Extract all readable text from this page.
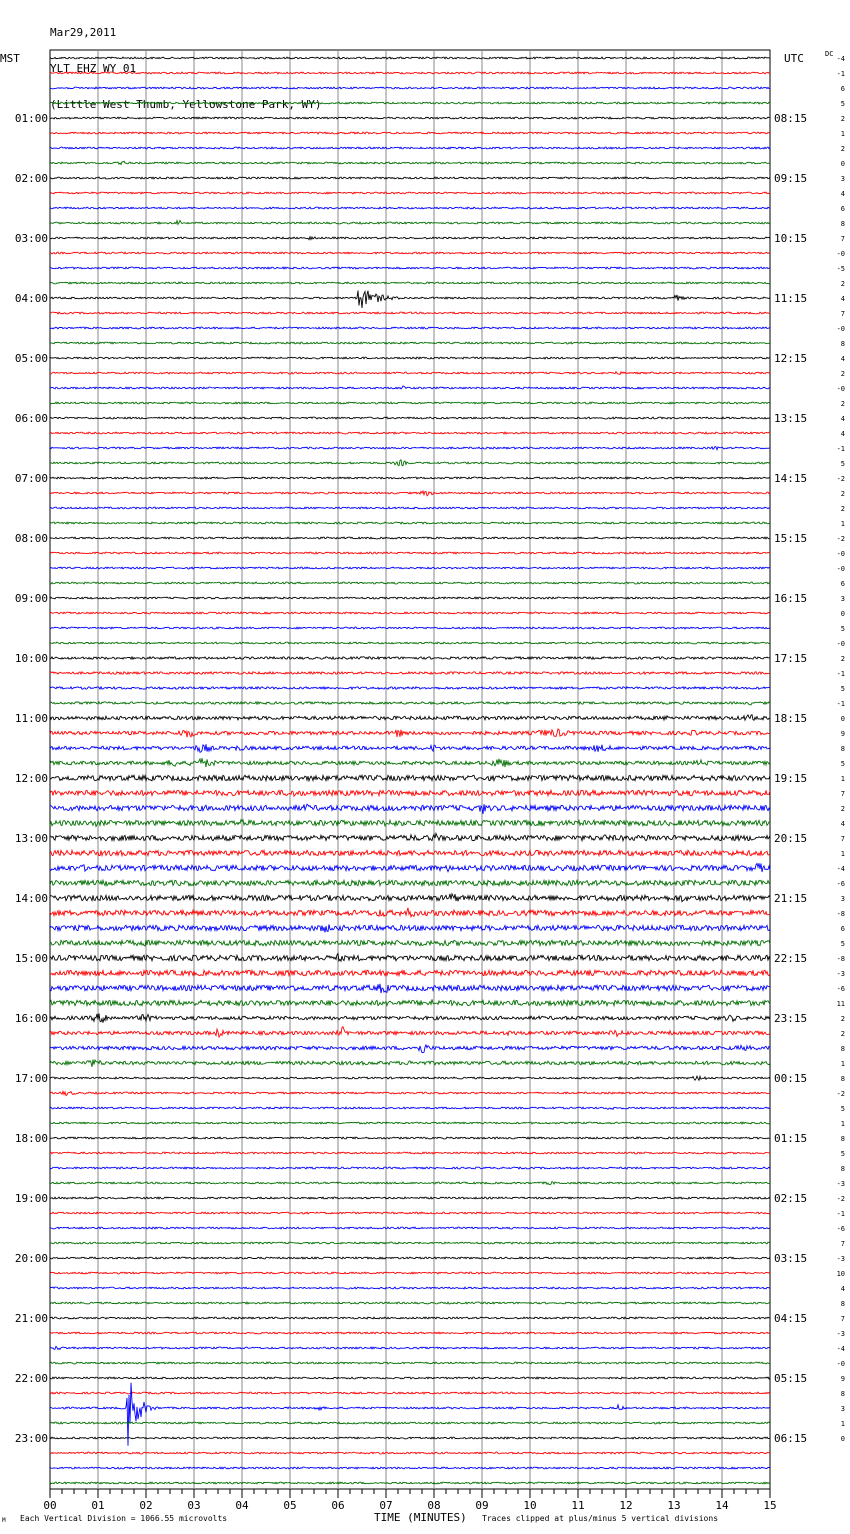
Mar29,2011

YLT EHZ WY 01

(Little West Thumb, Yellowstone Park, WY)

MST	UTC	DC
01:00
02:00
03:00
04:00
05:00
06:00
07:00
08:00
09:00
10:00
11:00
12:00
13:00
14:00
15:00
16:00
17:00
18:00
19:00
20:00
21:00
22:00
23:00
08:15
09:15
10:15
11:15
12:15
13:15
14:15
15:15
16:15
17:15
18:15
19:15
20:15
21:15
22:15
23:15
00:15
01:15
02:15
03:15
04:15
05:15
06:15
-4
-1
6
5
2
1
2
0
3
4
6
8
7
-0
-5
2
4
7
-0
8
4
2
-0
2
4
4
-1
5
-2
2
2
1
-2
-0
-0
6
3
0
5
-0
2
-1
5
-1
0
9
8
5
1
7
2
4
7
1
-4
-6
3
-8
6
5
-8
-3
-6
11
2
2
8
1
8
-2
5
1
8
5
8
-3
-2
-1
-6
7
-3
10
4
8
7
-3
-4
-0
9
8
3
1
0
00	01	02	03	04	05	06	07	08	09	10	11	12	13	14	15
M Each Vertical Division = 1066.55 microvolts	TIME (MINUTES) Traces clipped at plus/minus 5 vertical divisions
